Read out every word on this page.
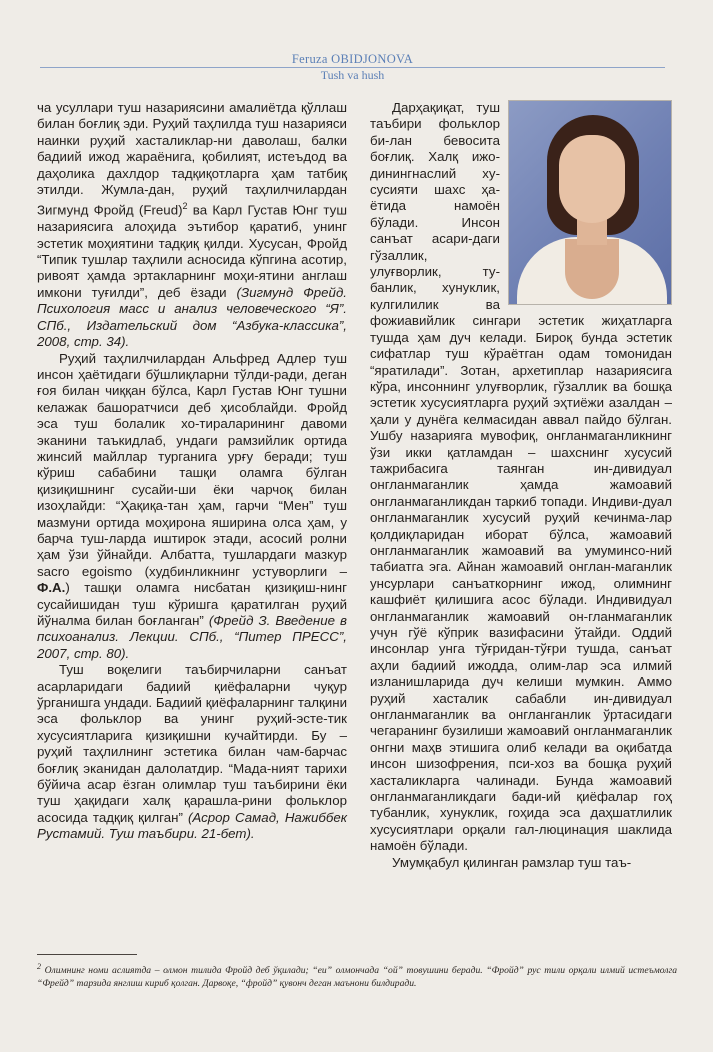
Feruza OBIDJONOVA
Tush va hush

ча усуллари туш назариясини амалиётда қўллаш билан боғлиқ эди. Руҳий таҳлилда туш назарияси наинки руҳий хасталиклар-ни даволаш, балки бадиий ижод жараёнига, қобилият, истеъдод ва даҳолика дахлдор тадқиқотларга ҳам татбиқ этилди. Жумла-дан, руҳий таҳлилчилардан Зигмунд Фройд (Freud)$^2$ ва Карл Густав Юнг туш назариясига алоҳида эътибор қаратиб, унинг эстетик моҳиятини тадқиқ қилди. Хусусан, Фройд “Типик тушлар таҳлили асносида кўпгина асотир, ривоят ҳамда эртакларнинг моҳи-ятини англаш имкони туғилди”, деб ёзади (Зигмунд Фрейд. Психология масс и анализ человеческого “Я”. СПб., Издательский дом “Азбука-классика”, 2008, стр. 34).

Руҳий таҳлилчилардан Альфред Адлер туш инсон ҳаётидаги бўшлиқларни тўлди-ради, деган ғоя билан чиққан бўлса, Карл Густав Юнг тушни келажак башоратчиси деб ҳисоблайди. Фройд эса туш болалик хо-тираларининг давоми эканини таъкидлаб, ундаги рамзийлик ортида жинсий майллар турганига урғу беради; туш кўриш сабабини ташқи оламга бўлган қизиқишнинг сусайи-ши ёки чарчоқ билан изоҳлайди: “Ҳақиқа-тан ҳам, гарчи “Мен” туш мазмуни ортида моҳирона яширина олса ҳам, у барча туш-ларда иштирок этади, асосий ролни ҳам ўзи ўйнайди. Албатта, тушлардаги мазкур sacro egoismo (худбинликнинг устуворлиги – Ф.А.) ташқи оламга нисбатан қизиқиш-нинг сусайишидан туш кўришга қаратилган руҳий йўналма билан боғланган” (Фрейд З. Введение в психоанализ. Лекции. СПб., “Питер ПРЕСС”, 2007, стр. 80).

Туш воқелиги таъбирчиларни санъат асарларидаги бадиий қиёфаларни чуқур ўрганишга ундади. Бадиий қиёфаларнинг талқини эса фольклор ва унинг руҳий-эсте-тик хусусиятларига қизиқишни кучайтирди. Бу – руҳий таҳлилнинг эстетика билан чам-барчас боғлиқ эканидан далолатдир. “Мада-ният тарихи бўйича асар ёзган олимлар туш таъбирини ёки туш ҳақидаги халқ қарашла-рини фольклор асосида тадқиқ қилган” (Асрор Самад, Нажиббек Рустамий. Туш таъбири. 21-бет).

Дарҳақиқат, туш таъбири фольклор би-лан бевосита боғлиқ. Халқ ижо-динингнаслий ху-сусияти шахс ҳа-ётида намоён бўлади. Инсон санъат асари-даги гўзаллик, улуғворлик, ту-банлик, хунуклик, кулгилилик ва фожиавийлик сингари эстетик жиҳатларга тушда ҳам дуч келади. Бироқ бунда эстетик сифатлар туш кўраётган одам томонидан “яратилади”. Зотан, архетиплар назариясига кўра, инсоннинг улуғворлик, гўзаллик ва бошқа эстетик хусусиятларга руҳий эҳтиёжи азалдан – ҳали у дунёга келмасидан аввал пайдо бўлган. Ушбу назарияга мувофиқ, онгланмаганликнинг ўзи икки қатламдан – шахснинг хусусий тажрибасига таянган ин-дивидуал онгланмаганлик ҳамда жамоавий онгланмаганликдан таркиб топади. Индиви-дуал онгланмаганлик хусусий руҳий кечинма-лар қолдиқларидан иборат бўлса, жамоавий онгланмаганлик жамоавий ва умуминсо-ний табиатга эга. Айнан жамоавий онглан-маганлик унсурлари санъаткорнинг ижод, олимнинг кашфиёт қилишига асос бўлади. Индивидуал онгланмаганлик жамоавий он-гланмаганлик учун гўё кўприк вазифасини ўтайди. Оддий инсонлар унга тўғридан-тўғри тушда, санъат аҳли бадиий ижодда, олим-лар эса илмий изланишларида дуч келиши мумкин. Аммо руҳий хасталик сабабли ин-дивидуал онгланмаганлик ва онгланганлик ўртасидаги чегаранинг бузилиши жамоавий онгланмаганлик онгни маҳв этишига олиб келади ва оқибатда инсон шизофрения, пси-хоз ва бошқа руҳий хасталикларга чалинади. Бунда жамоавий онгланмаганликдаги бади-ий қиёфалар гоҳ тубанлик, хунуклик, гоҳида эса даҳшатлилик хусусиятлари орқали гал-люцинация шаклида намоён бўлади.

Умумқабул қилинган рамзлар туш таъ-

$^2$ Олимнинг номи аслиятда – олмон тилида Фройд деб ўқилади; “eu” олмончада “ой” товушини беради. “Фройд” рус тили орқали илмий истеъмолга “Фрейд” тарзида янглиш кириб қолган. Дарвоқе, “фройд” қувонч деган маънони билдиради.
